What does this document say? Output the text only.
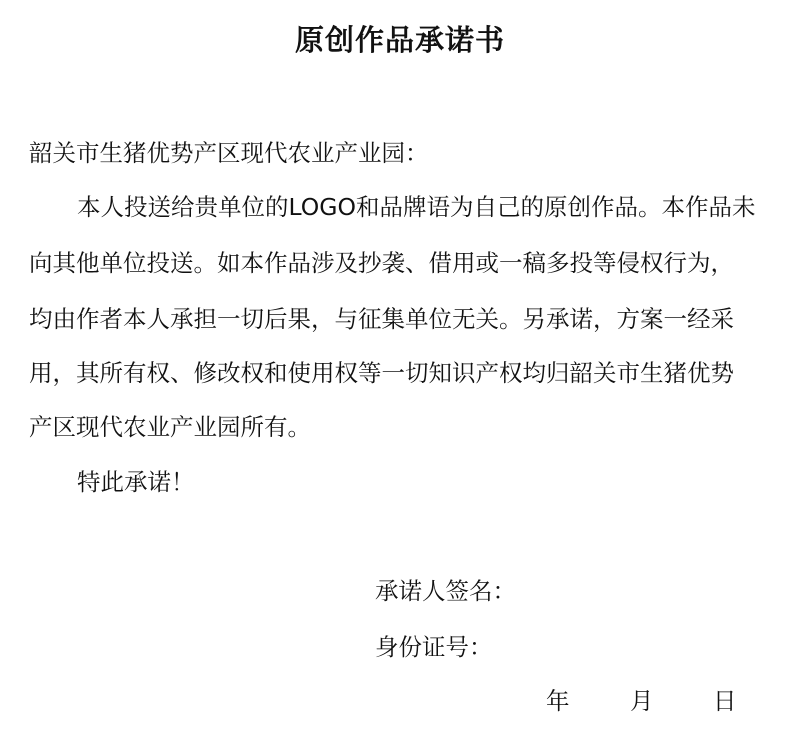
原创作品承诺书
韶关市生猪优势产区现代农业产业园：
本人投送给贵单位的LOGO和品牌语为自己的原创作品。本作品未
向其他单位投送。如本作品涉及抄袭、借用或一稿多投等侵权行为，
均由作者本人承担一切后果，与征集单位无关。另承诺，方案一经采
用，其所有权、修改权和使用权等一切知识产权均归韶关市生猪优势
产区现代农业产业园所有。
特此承诺！
承诺人签名：
身份证号：
年	月	日
